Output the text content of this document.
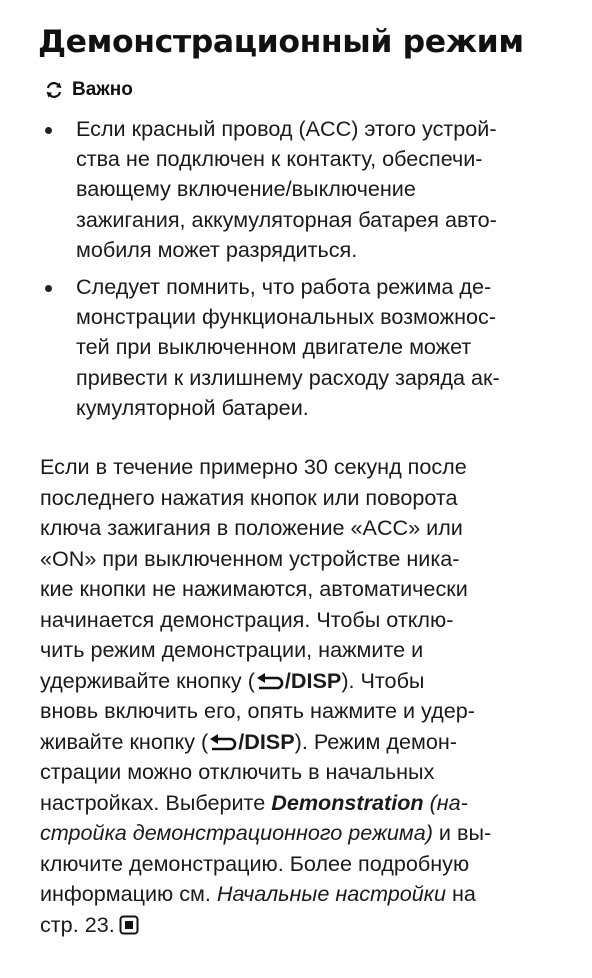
Демонстрационный режим
Важно
Если красный провод (ACC) этого устрой-
ства не подключен к контакту, обеспечи-
вающему включение/выключение
зажигания, аккумуляторная батарея авто-
мобиля может разрядиться.
Следует помнить, что работа режима де-
монстрации функциональных возможнос-
тей при выключенном двигателе может
привести к излишнему расходу заряда ак-
кумуляторной батареи.
Если в течение примерно 30 секунд после
последнего нажатия кнопок или поворота
ключа зажигания в положение «ACC» или
«ON» при выключенном устройстве ника-
кие кнопки не нажимаются, автоматически
начинается демонстрация. Чтобы отклю-
чить режим демонстрации, нажмите и
удерживайте кнопку ( /DISP). Чтобы
вновь включить его, опять нажмите и удер-
живайте кнопку ( /DISP). Режим демон-
страции можно отключить в начальных
настройках. Выберите Demonstration (на-
стройка демонстрационного режима) и вы-
ключите демонстрацию. Более подробную
информацию см. Начальные настройки на
стр. 23.
